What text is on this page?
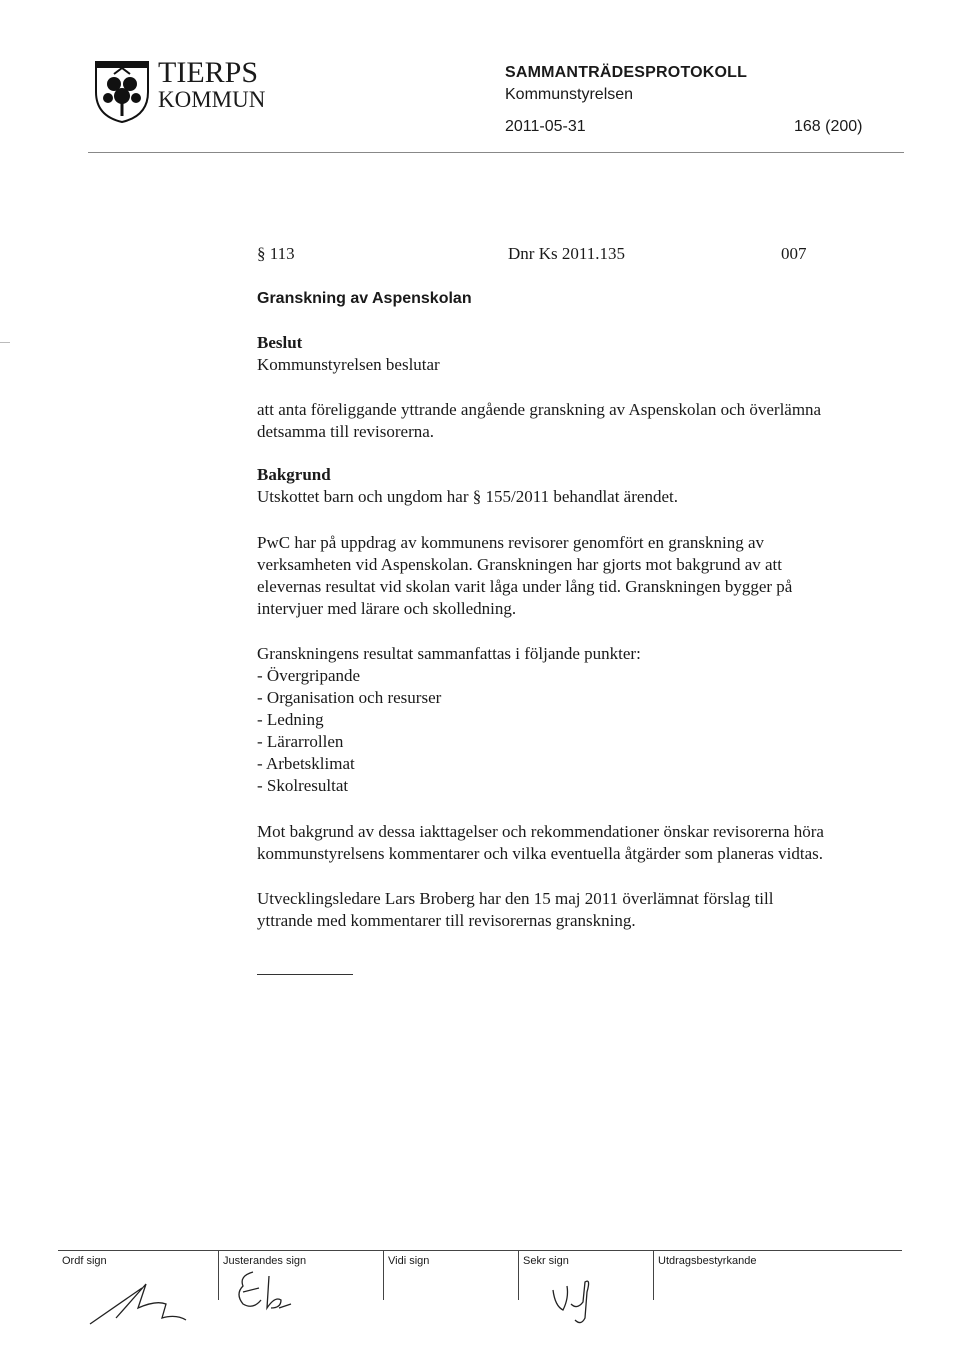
TIERPS
KOMMUN
SAMMANTRÄDESPROTOKOLL
Kommunstyrelsen
2011-05-31	168 (200)
§ 113	Dnr Ks 2011.135	007
Granskning av Aspenskolan
Beslut
Kommunstyrelsen beslutar
att anta föreliggande yttrande angående granskning av Aspenskolan och överlämna
detsamma till revisorerna.
Bakgrund
Utskottet barn och ungdom har § 155/2011 behandlat ärendet.
PwC har på uppdrag av kommunens revisorer genomfört en granskning av
verksamheten vid Aspenskolan. Granskningen har gjorts mot bakgrund av att
elevernas resultat vid skolan varit låga under lång tid. Granskningen bygger på
intervjuer med lärare och skolledning.
Granskningens resultat sammanfattas i följande punkter:
- Övergripande
- Organisation och resurser
- Ledning
- Lärarrollen
- Arbetsklimat
- Skolresultat
Mot bakgrund av dessa iakttagelser och rekommendationer önskar revisorerna höra
kommunstyrelsens kommentarer och vilka eventuella åtgärder som planeras vidtas.
Utvecklingsledare Lars Broberg har den 15 maj 2011 överlämnat förslag till
yttrande med kommentarer till revisorernas granskning.
Ordf sign	Justerandes sign	Vidi sign	Sekr sign	Utdragsbestyrkande
